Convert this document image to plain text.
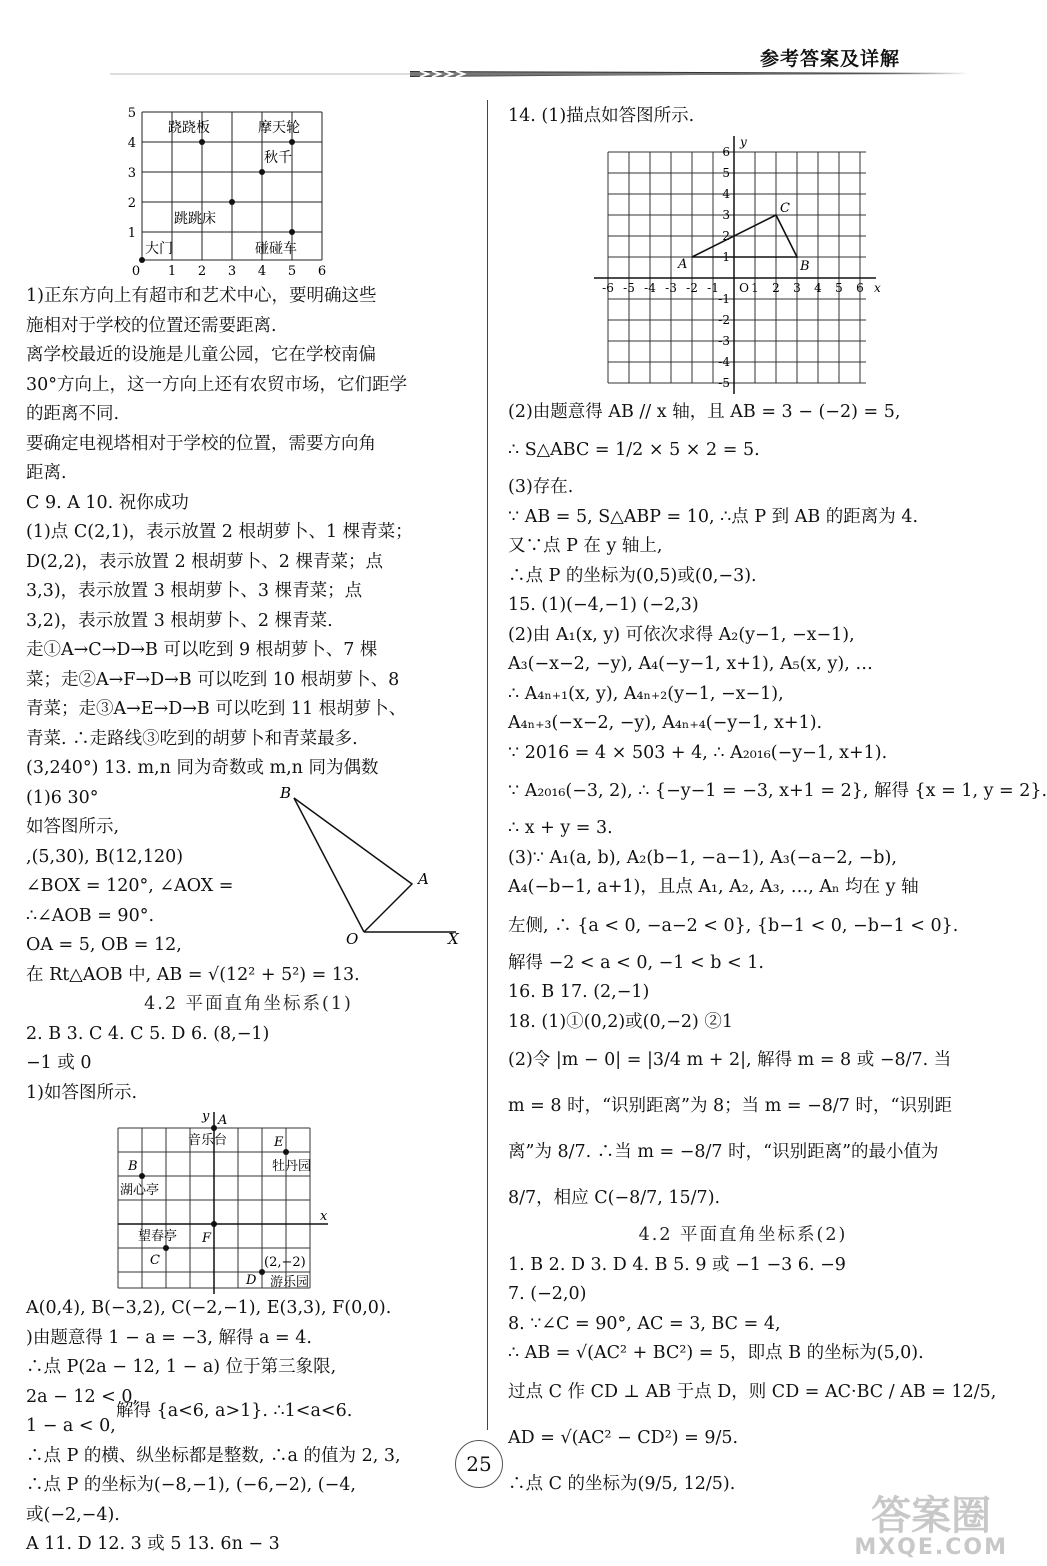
参考答案及详解
5
4
3
2
1
0 1 2 3 4 5 6
跷跷板	摩天轮
秋千
跳跳床
大门	碰碰车
1)正东方向上有超市和艺术中心，要明确这些
施相对于学校的位置还需要距离.
离学校最近的设施是儿童公园，它在学校南偏
30°方向上，这一方向上还有农贸市场，它们距学
的距离不同.
要确定电视塔相对于学校的位置，需要方向角
距离.
C 9. A 10. 祝你成功
(1)点 C(2,1)，表示放置 2 根胡萝卜、1 棵青菜；
D(2,2)，表示放置 2 根胡萝卜、2 棵青菜；点
3,3)，表示放置 3 根胡萝卜、3 棵青菜；点
3,2)，表示放置 3 根胡萝卜、2 棵青菜.
走①A→C→D→B 可以吃到 9 根胡萝卜、7 棵
菜；走②A→F→D→B 可以吃到 10 根胡萝卜、8
青菜；走③A→E→D→B 可以吃到 11 根胡萝卜、
青菜. ∴走路线③吃到的胡萝卜和青菜最多.
(3,240°) 13. m,n 同为奇数或 m,n 同为偶数
B
A
O	X
(1)6 30°
如答图所示,
,(5,30), B(12,120)
∠BOX = 120°, ∠AOX =
∴∠AOB = 90°.
OA = 5, OB = 12,
在 Rt△AOB 中, AB = √(12² + 5²) = 13.
4.2 平面直角坐标系(1)
2. B 3. C 4. C 5. D 6. (8,−1)
−1 或 0
1)如答图所示.
x
y A
E
B
C
D
F
音乐台
牡丹园
湖心亭
望春亭
游乐园
(2,−2)
A(0,4), B(−3,2), C(−2,−1), E(3,3), F(0,0).
)由题意得 1 − a = −3, 解得 a = 4.
∴点 P(2a − 12, 1 − a) 位于第三象限,
2a − 12 < 0,
1 − a < 0,
解得 {a<6, a>1}. ∴1<a<6.
∴点 P 的横、纵坐标都是整数, ∴a 的值为 2, 3,
∴点 P 的坐标为(−8,−1), (−6,−2), (−4,
或(−2,−4).
A 11. D 12. 3 或 5 13. 6n − 3
14. (1)描点如答图所示.
x
y
-6 -5 -4 -3 -2 -1 O 1 2 3 4 5 6
6
5
4
3
2
1
-1
-2
-3
-4
-5
A	B
C
(2)由题意得 AB // x 轴，且 AB = 3 − (−2) = 5,
∴ S△ABC = 1/2 × 5 × 2 = 5.
(3)存在.
∵ AB = 5, S△ABP = 10, ∴点 P 到 AB 的距离为 4.
又∵点 P 在 y 轴上,
∴点 P 的坐标为(0,5)或(0,−3).
15. (1)(−4,−1) (−2,3)
(2)由 A₁(x, y) 可依次求得 A₂(y−1, −x−1),
A₃(−x−2, −y), A₄(−y−1, x+1), A₅(x, y), …
∴ A₄ₙ₊₁(x, y), A₄ₙ₊₂(y−1, −x−1),
A₄ₙ₊₃(−x−2, −y), A₄ₙ₊₄(−y−1, x+1).
∵ 2016 = 4 × 503 + 4, ∴ A₂₀₁₆(−y−1, x+1).
∵ A₂₀₁₆(−3, 2), ∴ {−y−1 = −3, x+1 = 2}, 解得 {x = 1, y = 2}.
∴ x + y = 3.
(3)∵ A₁(a, b), A₂(b−1, −a−1), A₃(−a−2, −b),
A₄(−b−1, a+1)，且点 A₁, A₂, A₃, …, Aₙ 均在 y 轴
左侧, ∴ {a < 0, −a−2 < 0}, {b−1 < 0, −b−1 < 0}.
解得 −2 < a < 0, −1 < b < 1.
16. B 17. (2,−1)
18. (1)①(0,2)或(0,−2) ②1
(2)令 |m − 0| = |3/4 m + 2|, 解得 m = 8 或 −8/7. 当
m = 8 时，“识别距离”为 8；当 m = −8/7 时，“识别距
离”为 8/7. ∴当 m = −8/7 时，“识别距离”的最小值为
8/7，相应 C(−8/7, 15/7).
4.2 平面直角坐标系(2)
1. B 2. D 3. D 4. B 5. 9 或 −1 −3 6. −9
7. (−2,0)
8. ∵∠C = 90°, AC = 3, BC = 4,
∴ AB = √(AC² + BC²) = 5，即点 B 的坐标为(5,0).
过点 C 作 CD ⊥ AB 于点 D，则 CD = AC·BC / AB = 12/5,
AD = √(AC² − CD²) = 9/5.
∴点 C 的坐标为(9/5, 12/5).
25
答案圈
MXQE.COM
